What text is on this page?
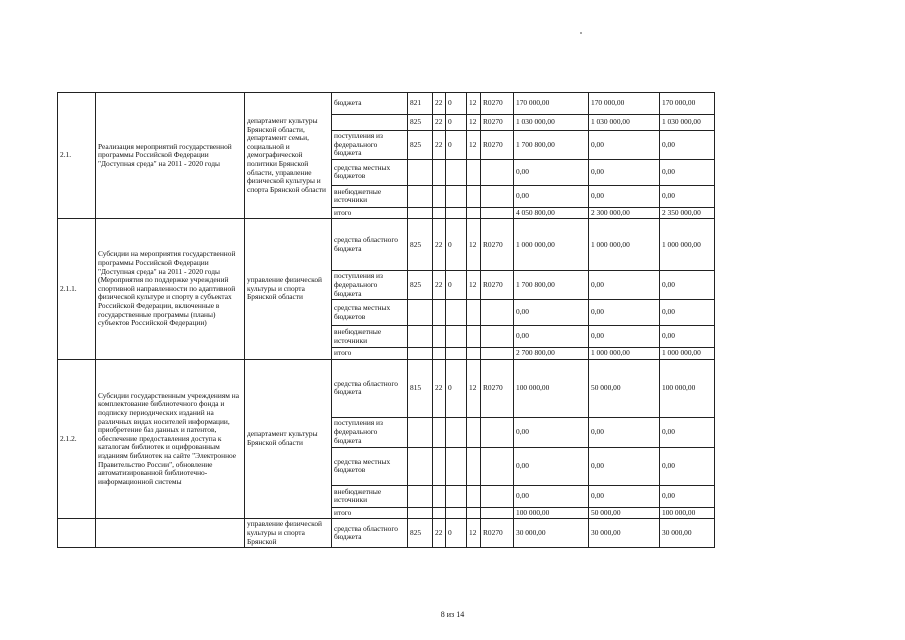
2.1.	Реализация мероприятий государственной программы Российской Федерации "Доступная среда" на 2011 - 2020 годы	департамент культуры Брянской области, департамент семьи, социальной и демографической политики Брянской области, управление физической культуры и спорта Брянской области	бюджета	821	22	0	12	R0270	170 000,00	170 000,00	170 000,00
				825	22	0	12	R0270	1 030 000,00	1 030 000,00	1 030 000,00
			поступления из федерального бюджета	825	22	0	12	R0270	1 700 800,00	0,00	0,00
			средства местных бюджетов						0,00	0,00	0,00
			внебюджетные источники						0,00	0,00	0,00
			итого						4 050 800,00	2 300 000,00	2 350 000,00
2.1.1.	Субсидии на мероприятия государственной программы Российской Федерации "Доступная среда" на 2011 - 2020 годы (Мероприятия по поддержке учреждений спортивной направленности по адаптивной физической культуре и спорту в субъектах Российской Федерации, включенные в государственные программы (планы) субъектов Российской Федерации)	управление физической культуры и спорта Брянской области	средства областного бюджета	825	22	0	12	R0270	1 000 000,00	1 000 000,00	1 000 000,00
			поступления из федерального бюджета	825	22	0	12	R0270	1 700 800,00	0,00	0,00
			средства местных бюджетов						0,00	0,00	0,00
			внебюджетные источники						0,00	0,00	0,00
			итого						2 700 800,00	1 000 000,00	1 000 000,00
2.1.2.	Субсидии государственным учреждениям на комплектование библиотечного фонда и подписку периодических изданий на различных видах носителей информации, приобретение баз данных и патентов, обеспечение предоставления доступа к каталогам библиотек и оцифрованным изданиям библиотек на сайте "Электронное Правительство России", обновление автоматизированной библиотечно-информационной системы	департамент культуры Брянской области	средства областного бюджета	815	22	0	12	R0270	100 000,00	50 000,00	100 000,00
			поступления из федерального бюджета						0,00	0,00	0,00
			средства местных бюджетов						0,00	0,00	0,00
			внебюджетные источники						0,00	0,00	0,00
			итого						100 000,00	50 000,00	100 000,00
		управление физической культуры и спорта Брянской	средства областного бюджета	825	22	0	12	R0270	30 000,00	30 000,00	30 000,00
8 из 14
